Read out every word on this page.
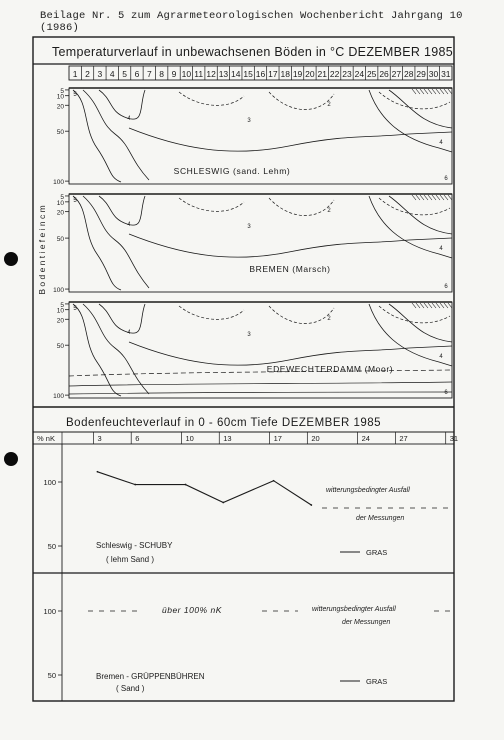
Beilage Nr. 5 zum Agrarmeteorologischen Wochenbericht Jahrgang 10 (1986)
Temperaturverlauf in unbewachsenen Böden in °C DEZEMBER 1985
1 2 3 4 5 6 7 8 9 10 11 12 13 14 15 16 17 18 19 20 21 22 23 24 25 26 27 28 29 30 31
B o d e n t i e f e i n c m
5
10
20
50
100
SCHLESWIG (sand. Lehm)
5
4	3
2
4
6
5
10
20
50
100
BREMEN (Marsch)
5
4	3
2
4
6
5
10
20
50
100
EDEWECHTERDAMM (Moor)
5
4	3
2
4
6
Bodenfeuchteverlauf in 0 - 60cm Tiefe DEZEMBER 1985
% nK	3	6	10	13	17	20	24	27	31
100
50	Schleswig - SCHUBY
( lehm Sand )
GRAS
100
50	Bremen - GRÜPPENBÜHREN
( Sand )
GRAS
witterungsbedingter Ausfall
der Messungen
über 100% nK	witterungsbedingter Ausfall
der Messungen
